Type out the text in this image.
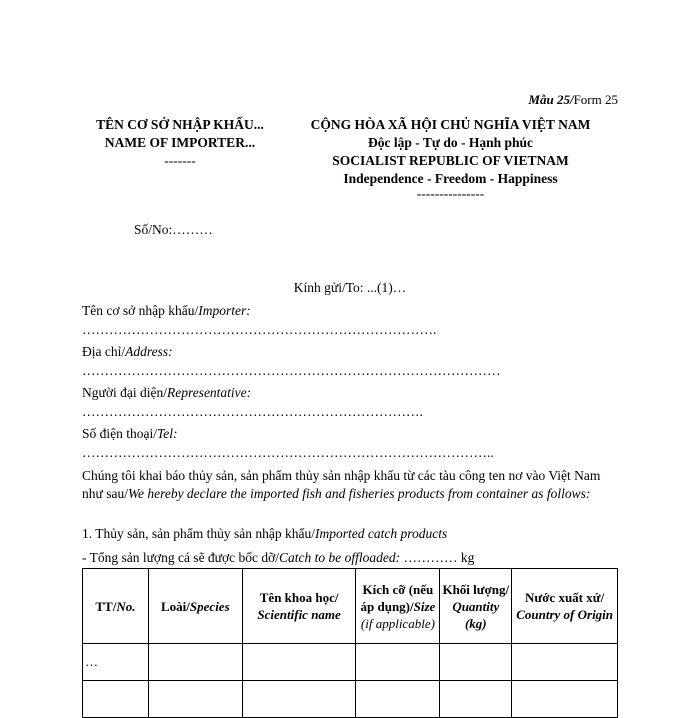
Mẫu 25/Form 25
TÊN CƠ SỞ NHẬP KHẨU...
NAME OF IMPORTER...
-------
CỘNG HÒA XÃ HỘI CHỦ NGHĨA VIỆT NAM
Độc lập - Tự do - Hạnh phúc
SOCIALIST REPUBLIC OF VIETNAM
Independence - Freedom - Happiness
---------------
Số/No:………
Kính gửi/To: ...(1)…
Tên cơ sở nhập khẩu/Importer:
…………………………………………………………………….
Địa chỉ/Address:
…………………………………………………………………………………
Người đại diện/Representative:
………………………………………………………………….
Số điện thoại/Tel:
………………………………………………………………………………..
Chúng tôi khai báo thủy sản, sản phẩm thủy sản nhập khẩu từ các tàu công ten nơ vào Việt Nam như sau/We hereby declare the imported fish and fisheries products from container as follows:
1. Thủy sản, sản phẩm thủy sản nhập khẩu/Imported catch products
- Tổng sản lượng cá sẽ được bốc dỡ/Catch to be offloaded: ………… kg
TT/No.	Loài/Species	Tên khoa học/
Scientific name	Kích cỡ (nếu áp dụng)/Size
(if applicable)	Khối lượng/
Quantity
(kg)	Nước xuất xứ/
Country of Origin
…					
